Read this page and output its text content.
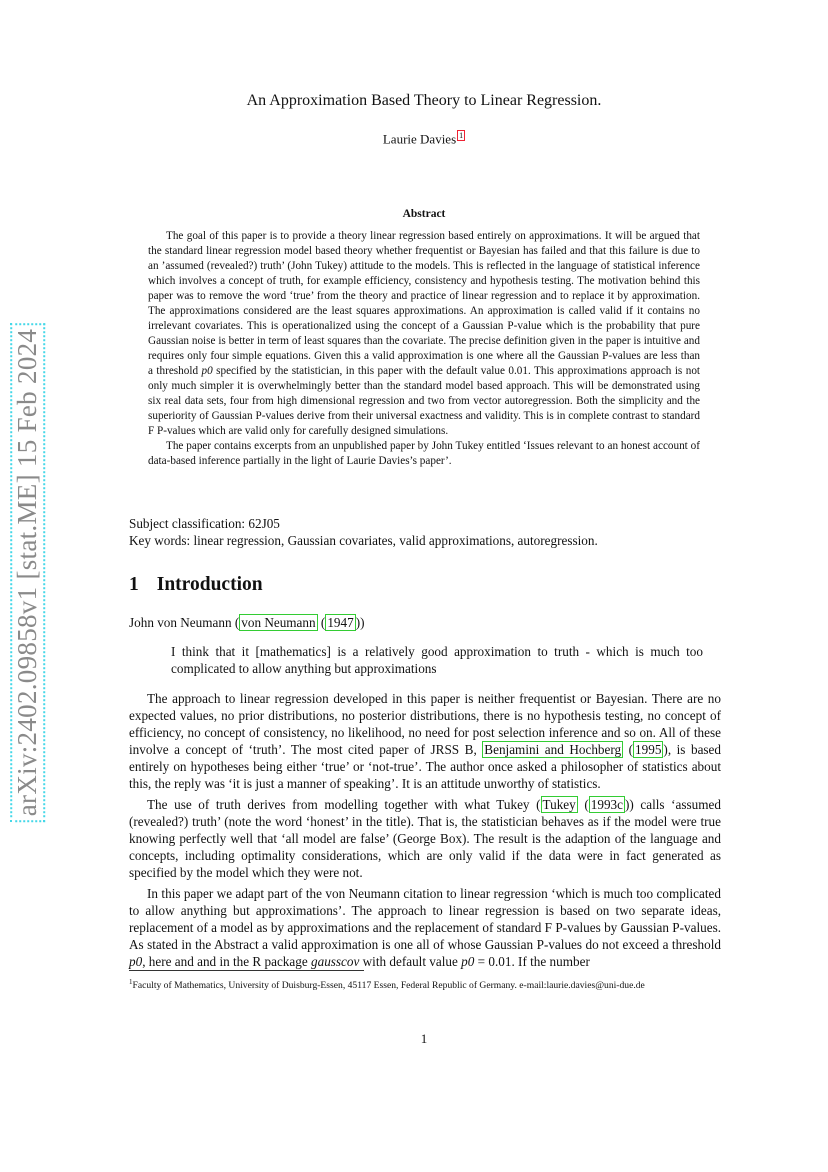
arXiv:2402.09858v1 [stat.ME] 15 Feb 2024
An Approximation Based Theory to Linear Regression.
Laurie Davies $^1$
Abstract

The goal of this paper is to provide a theory linear regression based entirely on approximations. It will be argued that the standard linear regression model based theory whether frequentist or Bayesian has failed and that this failure is due to an ’assumed (revealed?) truth’ (John Tukey) attitude to the models. This is reflected in the language of statistical inference which involves a concept of truth, for example efficiency, consistency and hypothesis testing. The motivation behind this paper was to remove the word ‘true’ from the theory and practice of linear regression and to replace it by approximation. The approximations considered are the least squares approximations. An approximation is called valid if it contains no irrelevant covariates. This is operationalized using the concept of a Gaussian P-value which is the probability that pure Gaussian noise is better in term of least squares than the covariate. The precise definition given in the paper is intuitive and requires only four simple equations. Given this a valid approximation is one where all the Gaussian P-values are less than a threshold p0 specified by the statistician, in this paper with the default value 0.01. This approximations approach is not only much simpler it is overwhelmingly better than the standard model based approach. This will be demonstrated using six real data sets, four from high dimensional regression and two from vector autoregression. Both the simplicity and the superiority of Gaussian P-values derive from their universal exactness and validity. This is in complete contrast to standard F P-values which are valid only for carefully designed simulations.

The paper contains excerpts from an unpublished paper by John Tukey entitled ‘Issues relevant to an honest account of data-based inference partially in the light of Laurie Davies’s paper’.

Subject classification: 62J05
Key words: linear regression, Gaussian covariates, valid approximations, autoregression.
1 Introduction

John von Neumann ( von Neumann ( 1947 ))

I think that it [mathematics] is a relatively good approximation to truth - which is much too complicated to allow anything but approximations

The approach to linear regression developed in this paper is neither frequentist or Bayesian. There are no expected values, no prior distributions, no posterior distributions, there is no hypothesis testing, no concept of efficiency, no concept of consistency, no likelihood, no need for post selection inference and so on. All of these involve a concept of ‘truth’. The most cited paper of JRSS B, Benjamini and Hochberg ( 1995 ), is based entirely on hypotheses being either ‘true’ or ‘not-true’. The author once asked a philosopher of statistics about this, the reply was ‘it is just a manner of speaking’. It is an attitude unworthy of statistics.

The use of truth derives from modelling together with what Tukey ( Tukey ( 1993c )) calls ‘assumed (revealed?) truth’ (note the word ‘honest’ in the title). That is, the statistician behaves as if the model were true knowing perfectly well that ‘all model are false’ (George Box). The result is the adaption of the language and concepts, including optimality considerations, which are only valid if the data were in fact generated as specified by the model which they were not.

In this paper we adapt part of the von Neumann citation to linear regression ‘which is much too complicated to allow anything but approximations’. The approach to linear regression is based on two separate ideas, replacement of a model as by approximations and the replacement of standard F P-values by Gaussian P-values. As stated in the Abstract a valid approximation is one all of whose Gaussian P-values do not exceed a threshold p0, here and and in the R package gausscov with default value p0 = 0.01. If the number

$^1$Faculty of Mathematics, University of Duisburg-Essen, 45117 Essen, Federal Republic of Germany. e-mail:laurie.davies@uni-due.de
1
